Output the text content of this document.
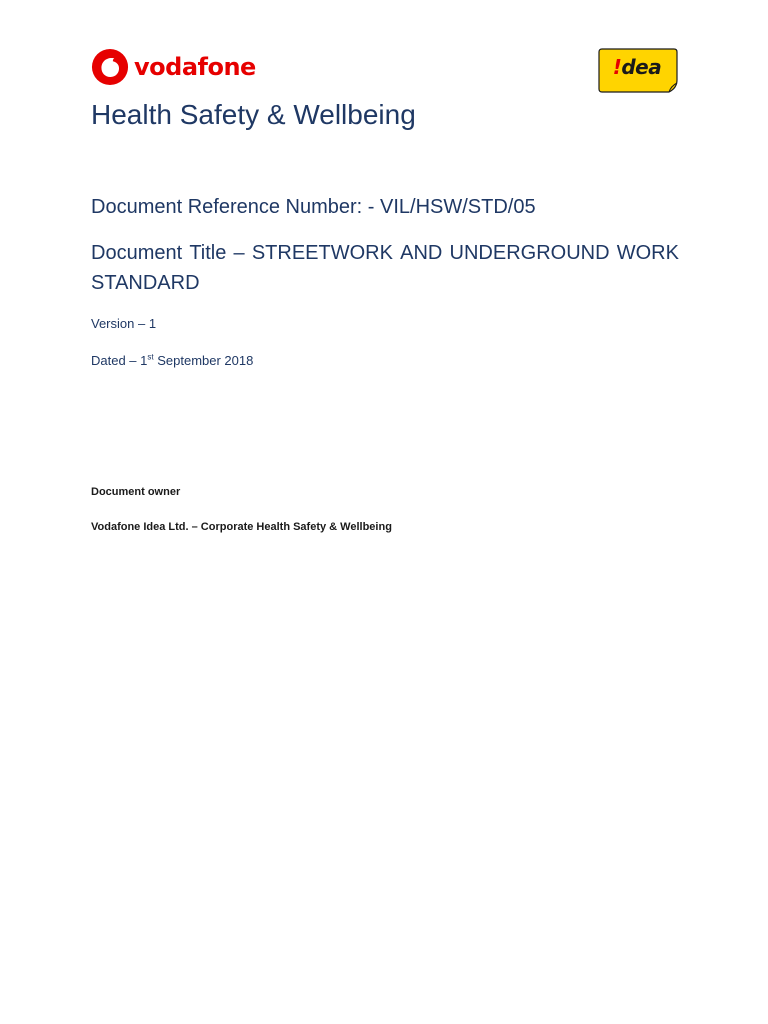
vodafone	!dea
Health Safety & Wellbeing
Document Reference Number: - VIL/HSW/STD/05
Document Title – STREETWORK AND UNDERGROUND WORK
STANDARD
Version – 1
Dated – 1st September 2018
Document owner
Vodafone Idea Ltd. – Corporate Health Safety & Wellbeing
